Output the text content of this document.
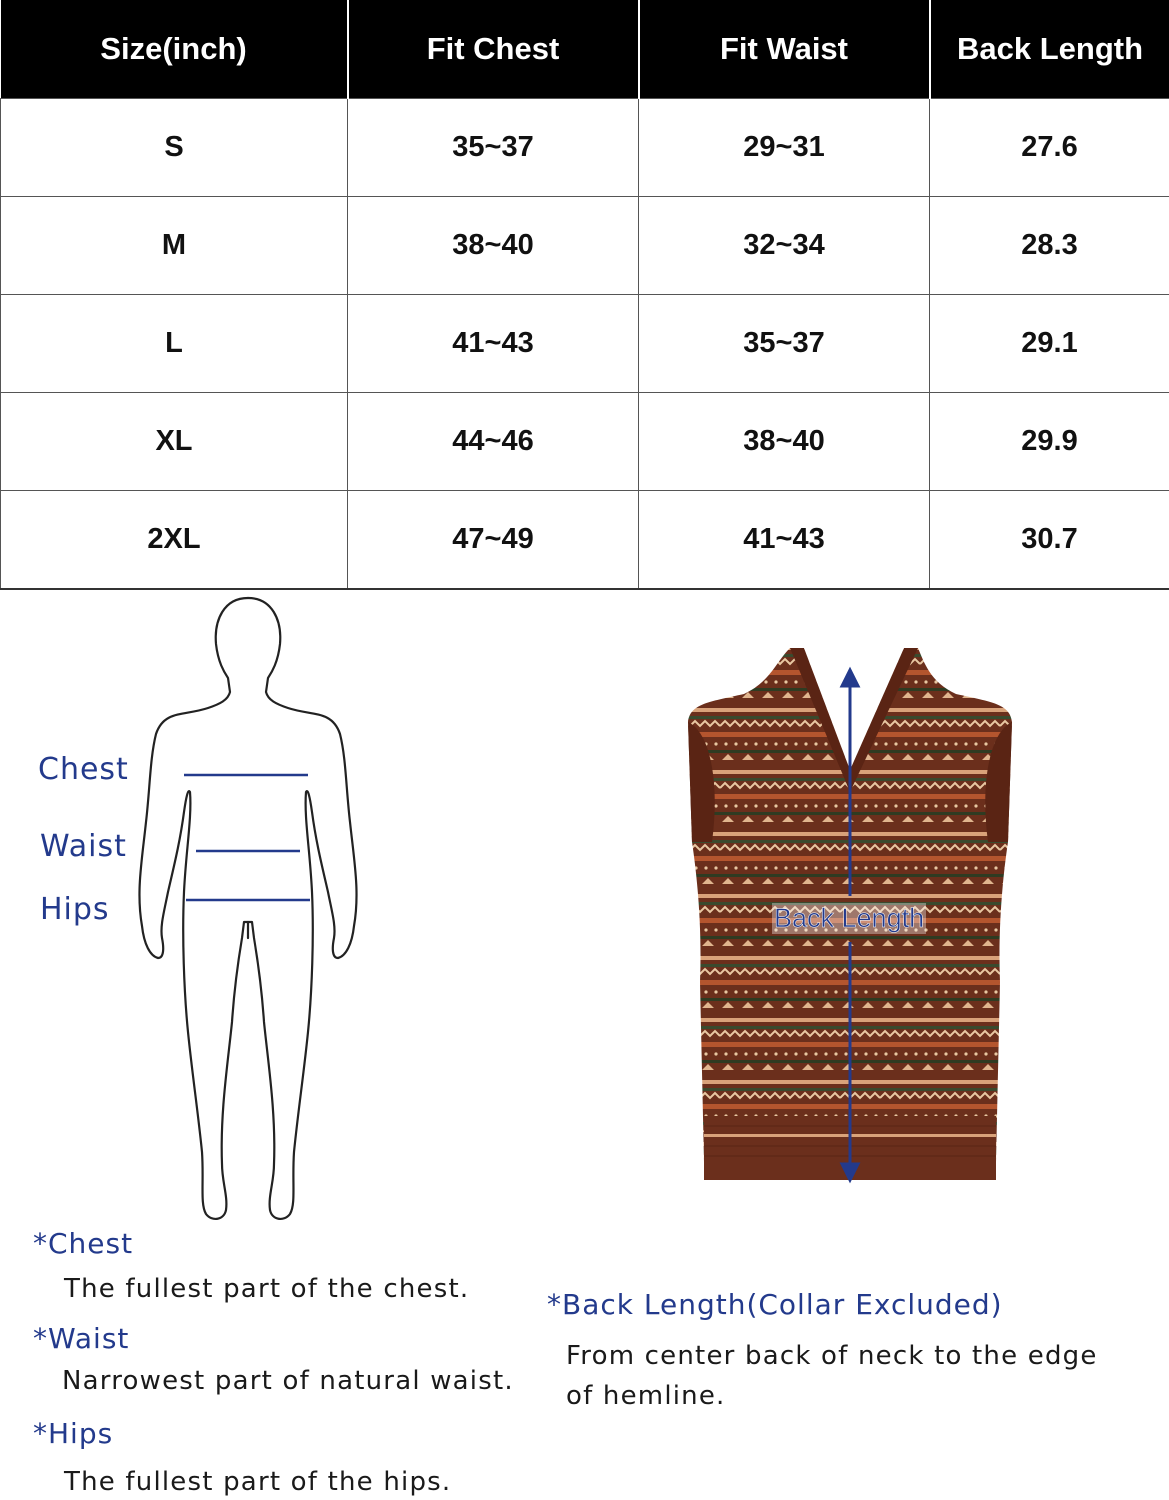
Size(inch)	Fit Chest	Fit Waist	Back Length
S	35~37	29~31	27.6
M	38~40	32~34	28.3
L	41~43	35~37	29.1
XL	44~46	38~40	29.9
2XL	47~49	41~43	30.7
Chest
Waist
Hips	Back Length
*Chest
The fullest part of the chest.
*Waist
Narrowest part of natural waist.
*Hips
The fullest part of the hips.
*Back Length(Collar Excluded)
From center back of neck to the edge
of hemline.
